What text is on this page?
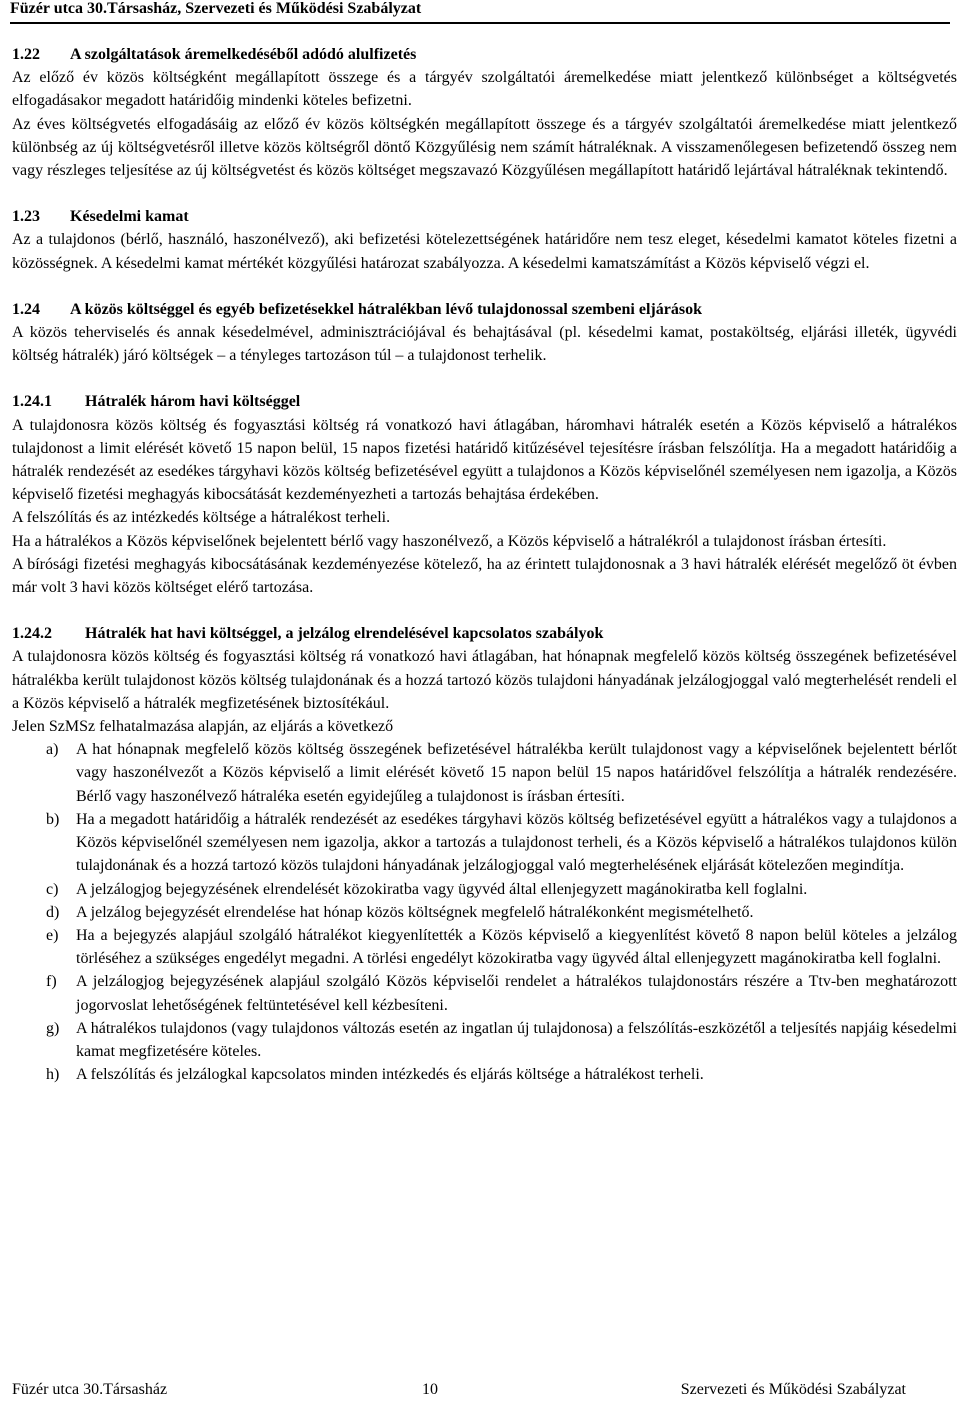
Füzér utca 30.Társasház, Szervezeti és Működési Szabályzat

1.22 A szolgáltatások áremelkedéséből adódó alulfizetés

Az előző év közös költségként megállapított összege és a tárgyév szolgáltatói áremelkedése miatt jelentkező különbséget a költségvetés elfogadásakor megadott határidőig mindenki köteles befizetni.

Az éves költségvetés elfogadásáig az előző év közös költségkén megállapított összege és a tárgyév szolgáltatói áremelkedése miatt jelentkező különbség az új költségvetésről illetve közös költségről döntő Közgyűlésig nem számít hátraléknak. A visszamenőlegesen befizetendő összeg nem vagy részleges teljesítése az új költségvetést és közös költséget megszavazó Közgyűlésen megállapított határidő lejártával hátraléknak tekintendő.

1.23 Késedelmi kamat

Az a tulajdonos (bérlő, használó, haszonélvező), aki befizetési kötelezettségének határidőre nem tesz eleget, késedelmi kamatot köteles fizetni a közösségnek. A késedelmi kamat mértékét közgyűlési határozat szabályozza. A késedelmi kamatszámítást a Közös képviselő végzi el.

1.24 A közös költséggel és egyéb befizetésekkel hátralékban lévő tulajdonossal szembeni eljárások

A közös teherviselés és annak késedelmével, adminisztrációjával és behajtásával (pl. késedelmi kamat, postaköltség, eljárási illeték, ügyvédi költség hátralék) járó költségek – a tényleges tartozáson túl – a tulajdonost terhelik.

1.24.1 Hátralék három havi költséggel

A tulajdonosra közös költség és fogyasztási költség rá vonatkozó havi átlagában, háromhavi hátralék esetén a Közös képviselő a hátralékos tulajdonost a limit elérését követő 15 napon belül, 15 napos fizetési határidő kitűzésével tejesítésre írásban felszólítja. Ha a megadott határidőig a hátralék rendezését az esedékes tárgyhavi közös költség befizetésével együtt a tulajdonos a Közös képviselőnél személyesen nem igazolja, a Közös képviselő fizetési meghagyás kibocsátását kezdeményezheti a tartozás behajtása érdekében.

A felszólítás és az intézkedés költsége a hátralékost terheli.

Ha a hátralékos a Közös képviselőnek bejelentett bérlő vagy haszonélvező, a Közös képviselő a hátralékról a tulajdonost írásban értesíti.

A bírósági fizetési meghagyás kibocsátásának kezdeményezése kötelező, ha az érintett tulajdonosnak a 3 havi hátralék elérését megelőző öt évben már volt 3 havi közös költséget elérő tartozása.

1.24.2 Hátralék hat havi költséggel, a jelzálog elrendelésével kapcsolatos szabályok

A tulajdonosra közös költség és fogyasztási költség rá vonatkozó havi átlagában, hat hónapnak megfelelő közös költség összegének befizetésével hátralékba került tulajdonost közös költség tulajdonának és a hozzá tartozó közös tulajdoni hányadának jelzálogjoggal való megterhelését rendeli el a Közös képviselő a hátralék megfizetésének biztosítékául.

Jelen SzMSz felhatalmazása alapján, az eljárás a következő

a)	A hat hónapnak megfelelő közös költség összegének befizetésével hátralékba került tulajdonost vagy a képviselőnek bejelentett bérlőt vagy haszonélvezőt a Közös képviselő a limit elérését követő 15 napon belül 15 napos határidővel felszólítja a hátralék rendezésére. Bérlő vagy haszonélvező hátraléka esetén egyidejűleg a tulajdonost is írásban értesíti.
b)	Ha a megadott határidőig a hátralék rendezését az esedékes tárgyhavi közös költség befizetésével együtt a hátralékos vagy a tulajdonos a Közös képviselőnél személyesen nem igazolja, akkor a tartozás a tulajdonost terheli, és a Közös képviselő a hátralékos tulajdonos külön tulajdonának és a hozzá tartozó közös tulajdoni hányadának jelzálogjoggal való megterhelésének eljárását kötelezően megindítja.
c)	A jelzálogjog bejegyzésének elrendelését közokiratba vagy ügyvéd által ellenjegyzett magánokiratba kell foglalni.
d)	A jelzálog bejegyzését elrendelése hat hónap közös költségnek megfelelő hátralékonként megismételhető.
e)	Ha a bejegyzés alapjául szolgáló hátralékot kiegyenlítették a Közös képviselő a kiegyenlítést követő 8 napon belül köteles a jelzálog törléséhez a szükséges engedélyt megadni. A törlési engedélyt közokiratba vagy ügyvéd által ellenjegyzett magánokiratba kell foglalni.
f)	A jelzálogjog bejegyzésének alapjául szolgáló Közös képviselői rendelet a hátralékos tulajdonostárs részére a Ttv-ben meghatározott jogorvoslat lehetőségének feltüntetésével kell kézbesíteni.
g)	A hátralékos tulajdonos (vagy tulajdonos változás esetén az ingatlan új tulajdonosa) a felszólítás-eszközétől a teljesítés napjáig késedelmi kamat megfizetésére köteles.
h)	A felszólítás és jelzálogkal kapcsolatos minden intézkedés és eljárás költsége a hátralékost terheli.
Füzér utca 30.Társasház	10	Szervezeti és Működési Szabályzat
